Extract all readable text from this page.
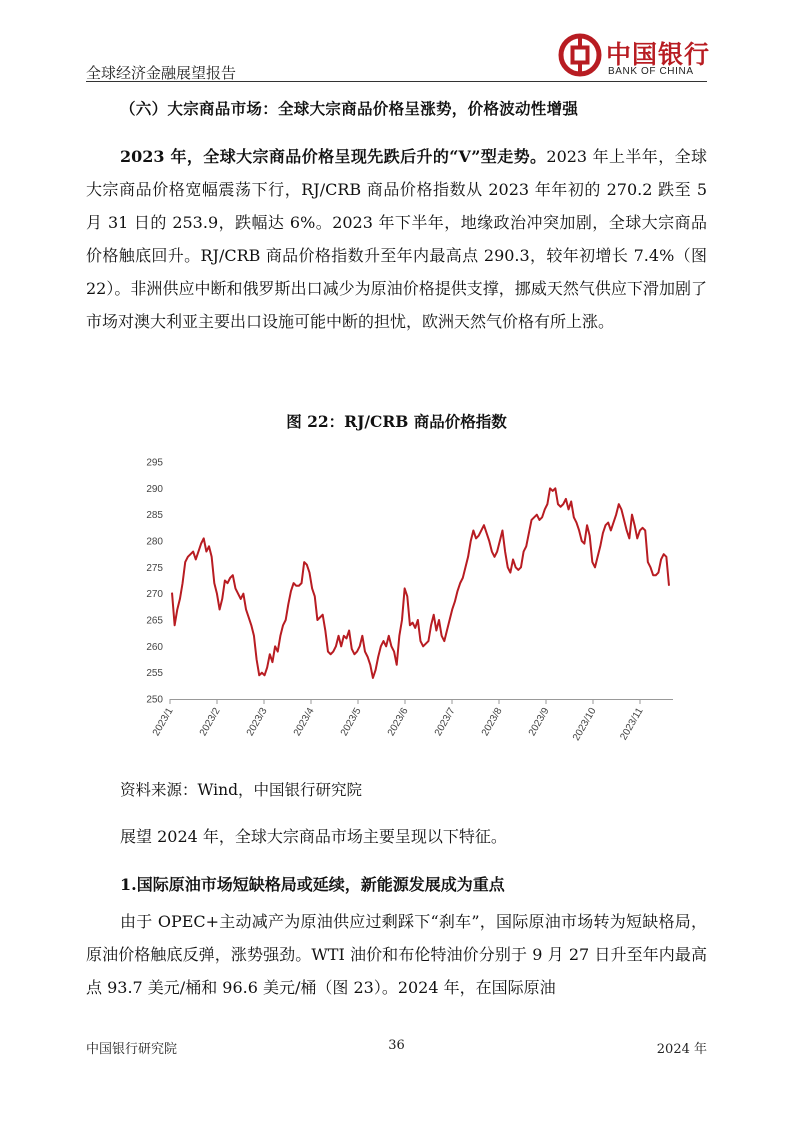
全球经济金融展望报告
中国银行
BANK OF CHINA
（六）大宗商品市场：全球大宗商品价格呈涨势，价格波动性增强

2023 年，全球大宗商品价格呈现先跌后升的“V”型走势。2023 年上半年，全球大宗商品价格宽幅震荡下行，RJ/CRB 商品价格指数从 2023 年年初的 270.2 跌至 5 月 31 日的 253.9，跌幅达 6%。2023 年下半年，地缘政治冲突加剧，全球大宗商品价格触底回升。RJ/CRB 商品价格指数升至年内最高点 290.3，较年初增长 7.4%（图 22）。非洲供应中断和俄罗斯出口减少为原油价格提供支撑，挪威天然气供应下滑加剧了市场对澳大利亚主要出口设施可能中断的担忧，欧洲天然气价格有所上涨。

图 22：RJ/CRB 商品价格指数
250
255
260
265
270
275
280
285
290
295
2023/1 2023/2 2023/3 2023/4 2023/5 2023/6 2023/7 2023/8 2023/9 2023/10 2023/11
资料来源：Wind，中国银行研究院

展望 2024 年，全球大宗商品市场主要呈现以下特征。

1.国际原油市场短缺格局或延续，新能源发展成为重点

由于 OPEC+主动减产为原油供应过剩踩下“刹车”，国际原油市场转为短缺格局，原油价格触底反弹，涨势强劲。WTI 油价和布伦特油价分别于 9 月 27 日升至年内最高点 93.7 美元/桶和 96.6 美元/桶（图 23）。2024 年，在国际原油

中国银行研究院	36	2024 年
